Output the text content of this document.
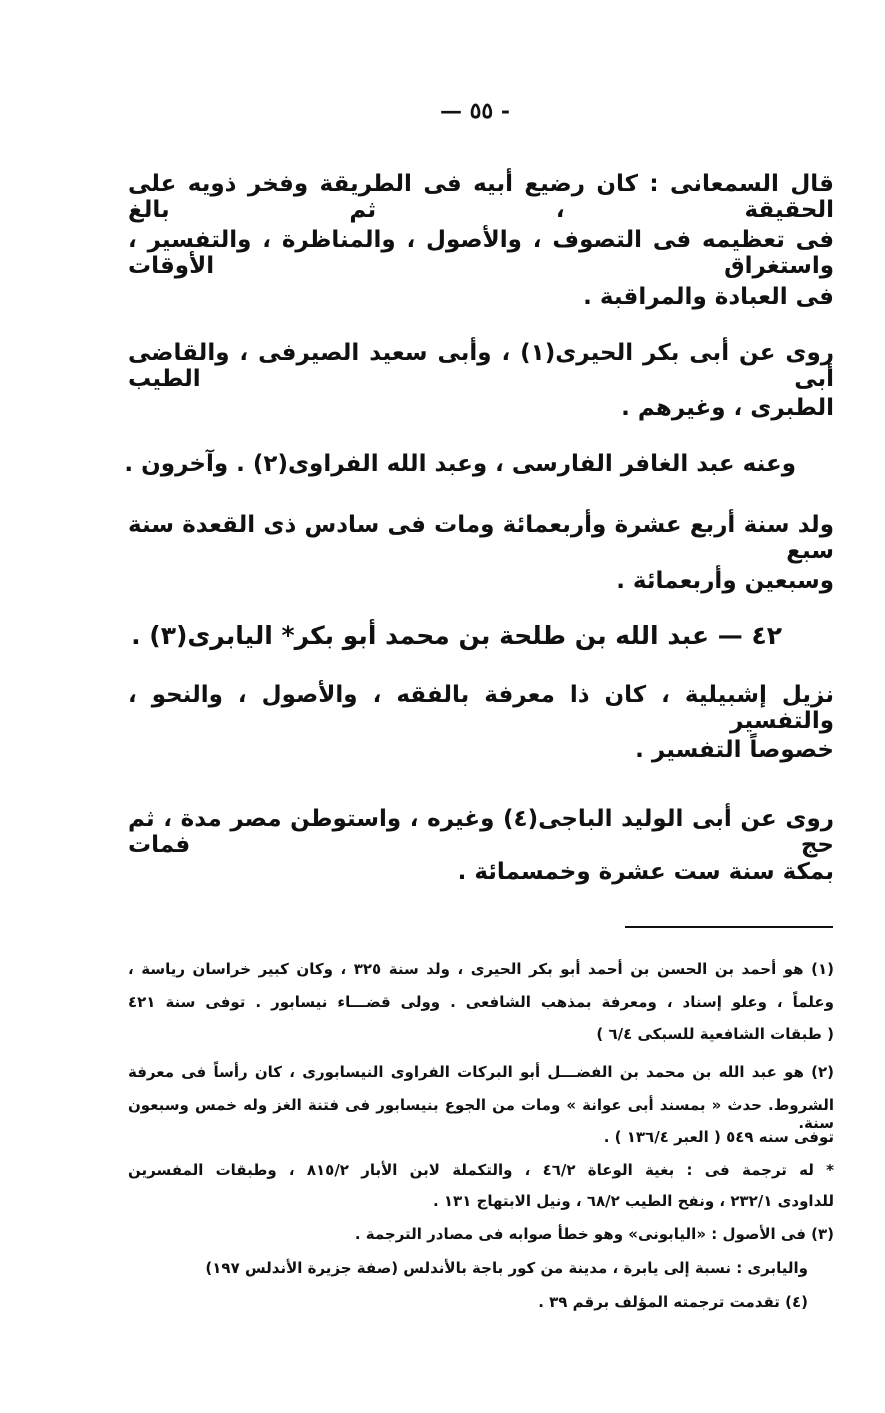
— ٥٥ -
قال السمعانى : كان رضيع أبيه فى الطريقة وفخر ذويه على الحقيقة ، ثم بالغ
فى تعظيمه فى التصوف ، والأصول ، والمناظرة ، والتفسير ، واستغراق الأوقات
فى العبادة والمراقبة .
روى عن أبى بكر الحيرى(١) ، وأبى سعيد الصيرفى ، والقاضى أبى الطيب
الطبرى ، وغيرهم .
وعنه عبد الغافر الفارسى ، وعبد الله الفراوى(٢) . وآخرون .
ولد سنة أربع عشرة وأربعمائة ومات فى سادس ذى القعدة سنة سبع
وسبعين وأربعمائة .
٤٢ — عبد الله بن طلحة بن محمد أبو بكر* اليابرى(٣) .
نزيل إشبيلية ، كان ذا معرفة بالفقه ، والأصول ، والنحو ، والتفسير
خصوصاً التفسير .
روى عن أبى الوليد الباجى(٤) وغيره ، واستوطن مصر مدة ، ثم حج فمات
بمكة سنة ست عشرة وخمسمائة .
(١) هو أحمد بن الحسن بن أحمد أبو بكر الحيرى ، ولد سنة ٣٢٥ ، وكان كبير خراسان رياسة ،
وعلماً ، وعلو إسناد ، ومعرفة بمذهب الشافعى . وولى قضـــاء نيسابور . توفى سنة ٤٢١
( طبقات الشافعية للسبكى ٦/٤ )
(٢) هو عبد الله بن محمد بن الفضـــل أبو البركات الفراوى النيسابورى ، كان رأساً فى معرفة
الشروط. حدث « بمسند أبى عوانة » ومات من الجوع بنيسابور فى فتنة الغز وله خمس وسبعون سنة.
توفى سنه ٥٤٩ ( العبر ١٣٦/٤ ) .
* له ترجمة فى : بغية الوعاة ٤٦/٢ ، والتكملة لابن الأبار ٨١٥/٢ ، وطبقات المفسرين
للداودى ٢٣٢/١ ، ونفح الطيب ٦٨/٢ ، ونيل الابتهاج ١٣١ .
(٣) فى الأصول : «اليابونى» وهو خطأ صوابه فى مصادر الترجمة .
واليابرى : نسبة إلى يابرة ، مدينة من كور باجة بالأندلس (صفة جزيرة الأندلس ١٩٧)
(٤) تقدمت ترجمته المؤلف برقم ٣٩ .
